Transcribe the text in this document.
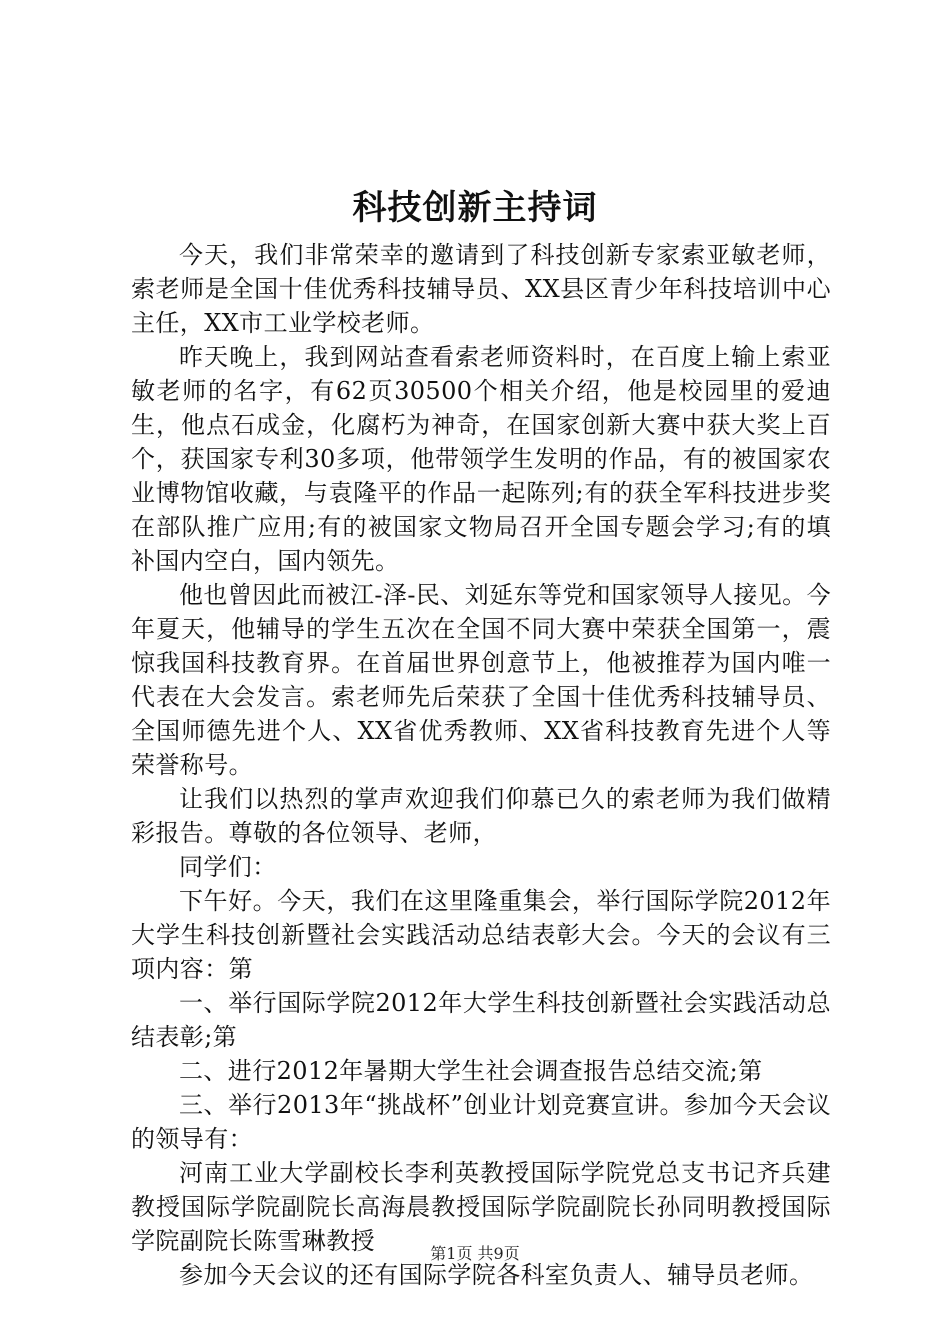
科技创新主持词

今天，我们非常荣幸的邀请到了科技创新专家索亚敏老师，索老师是全国十佳优秀科技辅导员、XX县区青少年科技培训中心主任，XX市工业学校老师。

昨天晚上，我到网站查看索老师资料时，在百度上输上索亚敏老师的名字，有62页30500个相关介绍，他是校园里的爱迪生，他点石成金，化腐朽为神奇，在国家创新大赛中获大奖上百个，获国家专利30多项，他带领学生发明的作品，有的被国家农业博物馆收藏，与袁隆平的作品一起陈列;有的获全军科技进步奖在部队推广应用;有的被国家文物局召开全国专题会学习;有的填补国内空白，国内领先。

他也曾因此而被江-泽-民、刘延东等党和国家领导人接见。今年夏天，他辅导的学生五次在全国不同大赛中荣获全国第一，震惊我国科技教育界。在首届世界创意节上，他被推荐为国内唯一代表在大会发言。索老师先后荣获了全国十佳优秀科技辅导员、全国师德先进个人、XX省优秀教师、XX省科技教育先进个人等荣誉称号。

让我们以热烈的掌声欢迎我们仰慕已久的索老师为我们做精彩报告。尊敬的各位领导、老师，

同学们：

下午好。今天，我们在这里隆重集会，举行国际学院2012年大学生科技创新暨社会实践活动总结表彰大会。今天的会议有三项内容：第

一、举行国际学院2012年大学生科技创新暨社会实践活动总结表彰;第

二、进行2012年暑期大学生社会调查报告总结交流;第

三、举行2013年“挑战杯”创业计划竞赛宣讲。参加今天会议的领导有：

河南工业大学副校长李利英教授国际学院党总支书记齐兵建教授国际学院副院长高海晨教授国际学院副院长孙同明教授国际学院副院长陈雪琳教授

参加今天会议的还有国际学院各科室负责人、辅导员老师。

第1页 共9页
